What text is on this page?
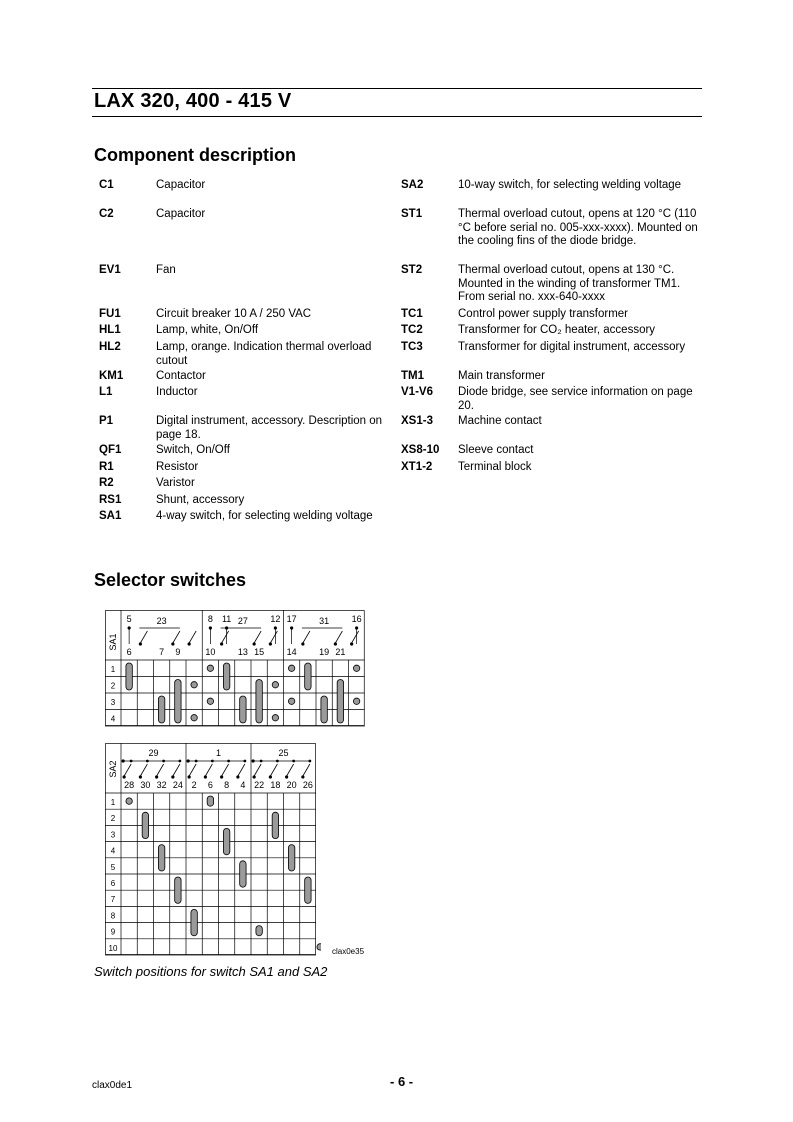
LAX 320, 400 - 415 V
Component description
C1	Capacitor
C2	Capacitor
EV1	Fan
FU1	Circuit breaker 10 A / 250 VAC
HL1	Lamp, white, On/Off
HL2	Lamp, orange. Indication thermal overload cutout
KM1	Contactor
L1	Inductor
P1	Digital instrument, accessory. Description on page 18.
QF1	Switch, On/Off
R1	Resistor
R2	Varistor
RS1	Shunt, accessory
SA1	4-way switch, for selecting welding voltage
SA2	10-way switch, for selecting welding voltage
ST1	Thermal overload cutout, opens at 120 °C (110 °C before serial no. 005-xxx-xxxx). Mounted on the cooling fins of the diode bridge.
ST2	Thermal overload cutout, opens at 130 °C. Mounted in the winding of transformer TM1. From serial no. xxx-640-xxxx
TC1	Control power supply transformer
TC2	Transformer for CO₂ heater, accessory
TC3	Transformer for digital instrument, accessory
TM1	Main transformer
V1-V6 Diode bridge, see service information on page 20.
XS1-3 Machine contact
XS8-10 Sleeve contact
XT1-2 Terminal block
Selector switches
SA1
1
2
3
4
23	27	31
5	8 11	12 17	16
6	7 9	10 13 15 14 19 21
SA2
1
2
3
4
5
6
7
8
9
10
29	1	25
28 30 32 24 2 6 8 4 22 18 20 26
clax0e35
Switch positions for switch SA1 and SA2
clax0de1	- 6 -
